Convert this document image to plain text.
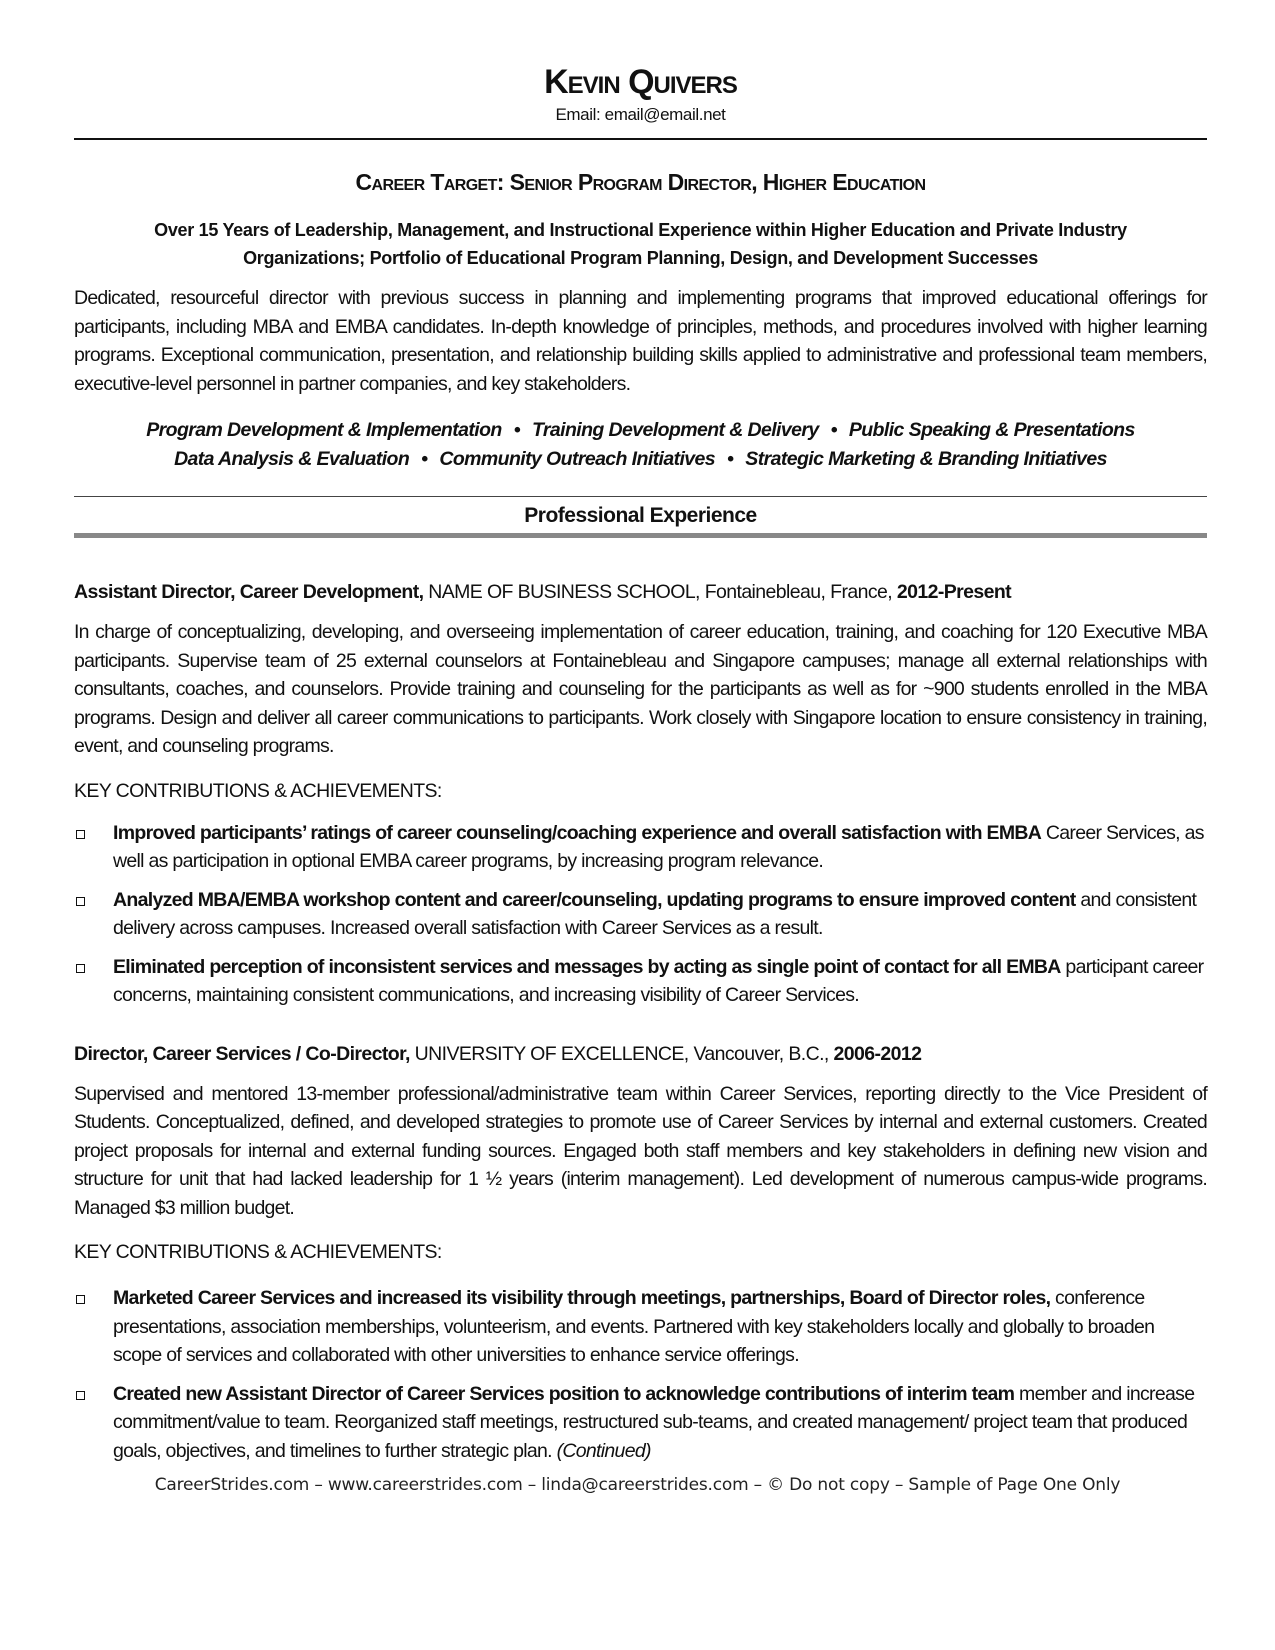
Kevin Quivers
Email: email@email.net
Career Target: Senior Program Director, Higher Education
Over 15 Years of Leadership, Management, and Instructional Experience within Higher Education and Private Industry
Organizations; Portfolio of Educational Program Planning, Design, and Development Successes

Dedicated, resourceful director with previous success in planning and implementing programs that improved educational offerings for participants, including MBA and EMBA candidates. In-depth knowledge of principles, methods, and procedures involved with higher learning programs. Exceptional communication, presentation, and relationship building skills applied to administrative and professional team members, executive-level personnel in partner companies, and key stakeholders.

Program Development & Implementation • Training Development & Delivery • Public Speaking & Presentations
Data Analysis & Evaluation • Community Outreach Initiatives • Strategic Marketing & Branding Initiatives
Professional Experience
Assistant Director, Career Development, NAME OF BUSINESS SCHOOL, Fontainebleau, France, 2012-Present

In charge of conceptualizing, developing, and overseeing implementation of career education, training, and coaching for 120 Executive MBA participants. Supervise team of 25 external counselors at Fontainebleau and Singapore campuses; manage all external relationships with consultants, coaches, and counselors. Provide training and counseling for the participants as well as for ~900 students enrolled in the MBA programs. Design and deliver all career communications to participants. Work closely with Singapore location to ensure consistency in training, event, and counseling programs.

KEY CONTRIBUTIONS & ACHIEVEMENTS:
Improved participants’ ratings of career counseling/coaching experience and overall satisfaction with EMBA Career Services, as well as participation in optional EMBA career programs, by increasing program relevance.
Analyzed MBA/EMBA workshop content and career/counseling, updating programs to ensure improved content and consistent delivery across campuses. Increased overall satisfaction with Career Services as a result.
Eliminated perception of inconsistent services and messages by acting as single point of contact for all EMBA participant career concerns, maintaining consistent communications, and increasing visibility of Career Services.
Director, Career Services / Co-Director, UNIVERSITY OF EXCELLENCE, Vancouver, B.C., 2006-2012

Supervised and mentored 13-member professional/administrative team within Career Services, reporting directly to the Vice President of Students. Conceptualized, defined, and developed strategies to promote use of Career Services by internal and external customers. Created project proposals for internal and external funding sources. Engaged both staff members and key stakeholders in defining new vision and structure for unit that had lacked leadership for 1 ½ years (interim management). Led development of numerous campus-wide programs. Managed $3 million budget.

KEY CONTRIBUTIONS & ACHIEVEMENTS:
Marketed Career Services and increased its visibility through meetings, partnerships, Board of Director roles, conference presentations, association memberships, volunteerism, and events. Partnered with key stakeholders locally and globally to broaden scope of services and collaborated with other universities to enhance service offerings.
Created new Assistant Director of Career Services position to acknowledge contributions of interim team member and increase commitment/value to team. Reorganized staff meetings, restructured sub-teams, and created management/ project team that produced goals, objectives, and timelines to further strategic plan. (Continued)
CareerStrides.com – www.careerstrides.com – linda@careerstrides.com – © Do not copy – Sample of Page One Only
